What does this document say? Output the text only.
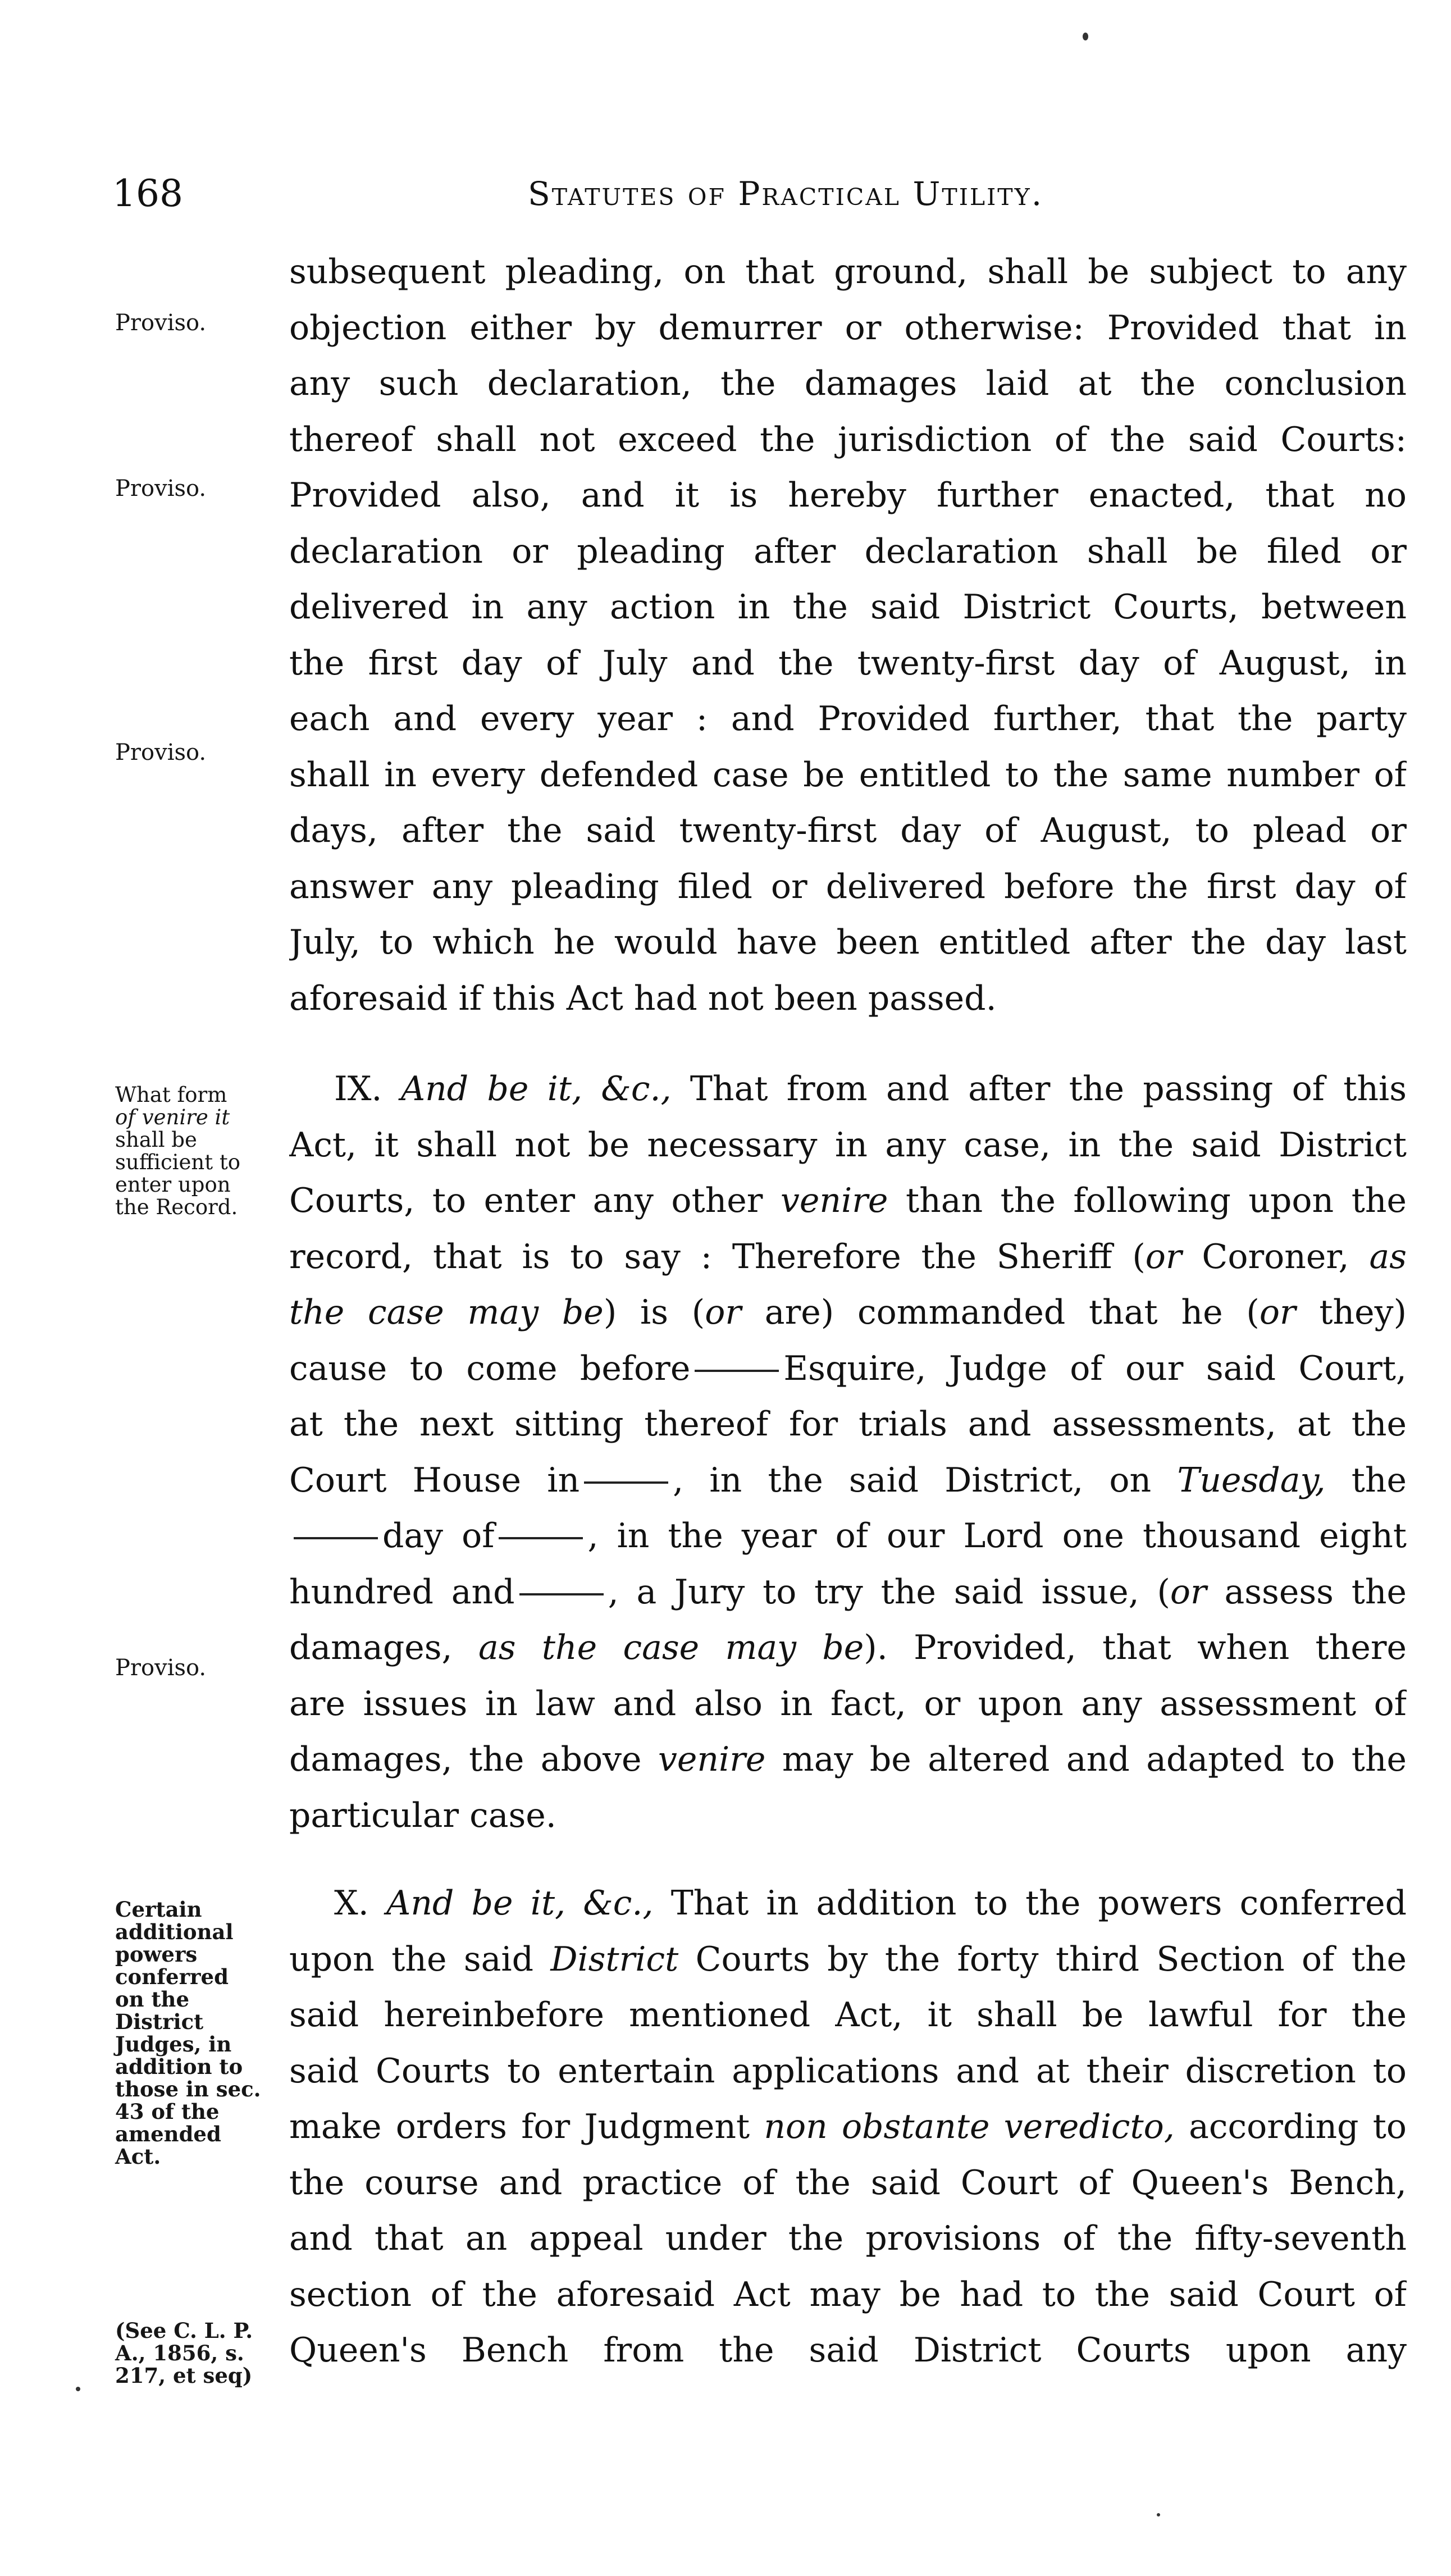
168	Statutes of Practical Utility.
Proviso.
Proviso.
Proviso.
What form
of venire it
shall be
sufficient to
enter upon
the Record.
Proviso.
Certain
additional
powers
conferred
on the
District
Judges, in
addition to
those in sec.
43 of the
amended
Act.
(See C. L. P.
A., 1856, s.
217, et seq)
subsequent pleading, on that ground, shall be subject to any
objection either by demurrer or otherwise: Provided that in
any such declaration, the damages laid at the conclusion
thereof shall not exceed the jurisdiction of the said Courts:
Provided also, and it is hereby further enacted, that no
declaration or pleading after declaration shall be filed or
delivered in any action in the said District Courts, between
the first day of July and the twenty-first day of August, in
each and every year : and Provided further, that the party
shall in every defended case be entitled to the same number of
days, after the said twenty-first day of August, to plead or
answer any pleading filed or delivered before the first day of
July, to which he would have been entitled after the day last
aforesaid if this Act had not been passed.
IX. And be it, &c., That from and after the passing of this
Act, it shall not be necessary in any case, in the said District
Courts, to enter any other venire than the following upon the
record, that is to say : Therefore the Sheriff (or Coroner, as
the case may be) is (or are) commanded that he (or they)
cause to come before	Esquire, Judge of our said Court,
at the next sitting thereof for trials and assessments, at the
Court House in	, in the said District, on Tuesday, the
day of	, in the year of our Lord one thousand eight
hundred and	, a Jury to try the said issue, (or assess the
damages, as the case may be). Provided, that when there
are issues in law and also in fact, or upon any assessment of
damages, the above venire may be altered and adapted to the
particular case.
X. And be it, &c., That in addition to the powers conferred
upon the said District Courts by the forty third Section of the
said hereinbefore mentioned Act, it shall be lawful for the
said Courts to entertain applications and at their discretion to
make orders for Judgment non obstante veredicto, according to
the course and practice of the said Court of Queen's Bench,
and that an appeal under the provisions of the fifty-seventh
section of the aforesaid Act may be had to the said Court of
Queen's Bench from the said District Courts upon any
